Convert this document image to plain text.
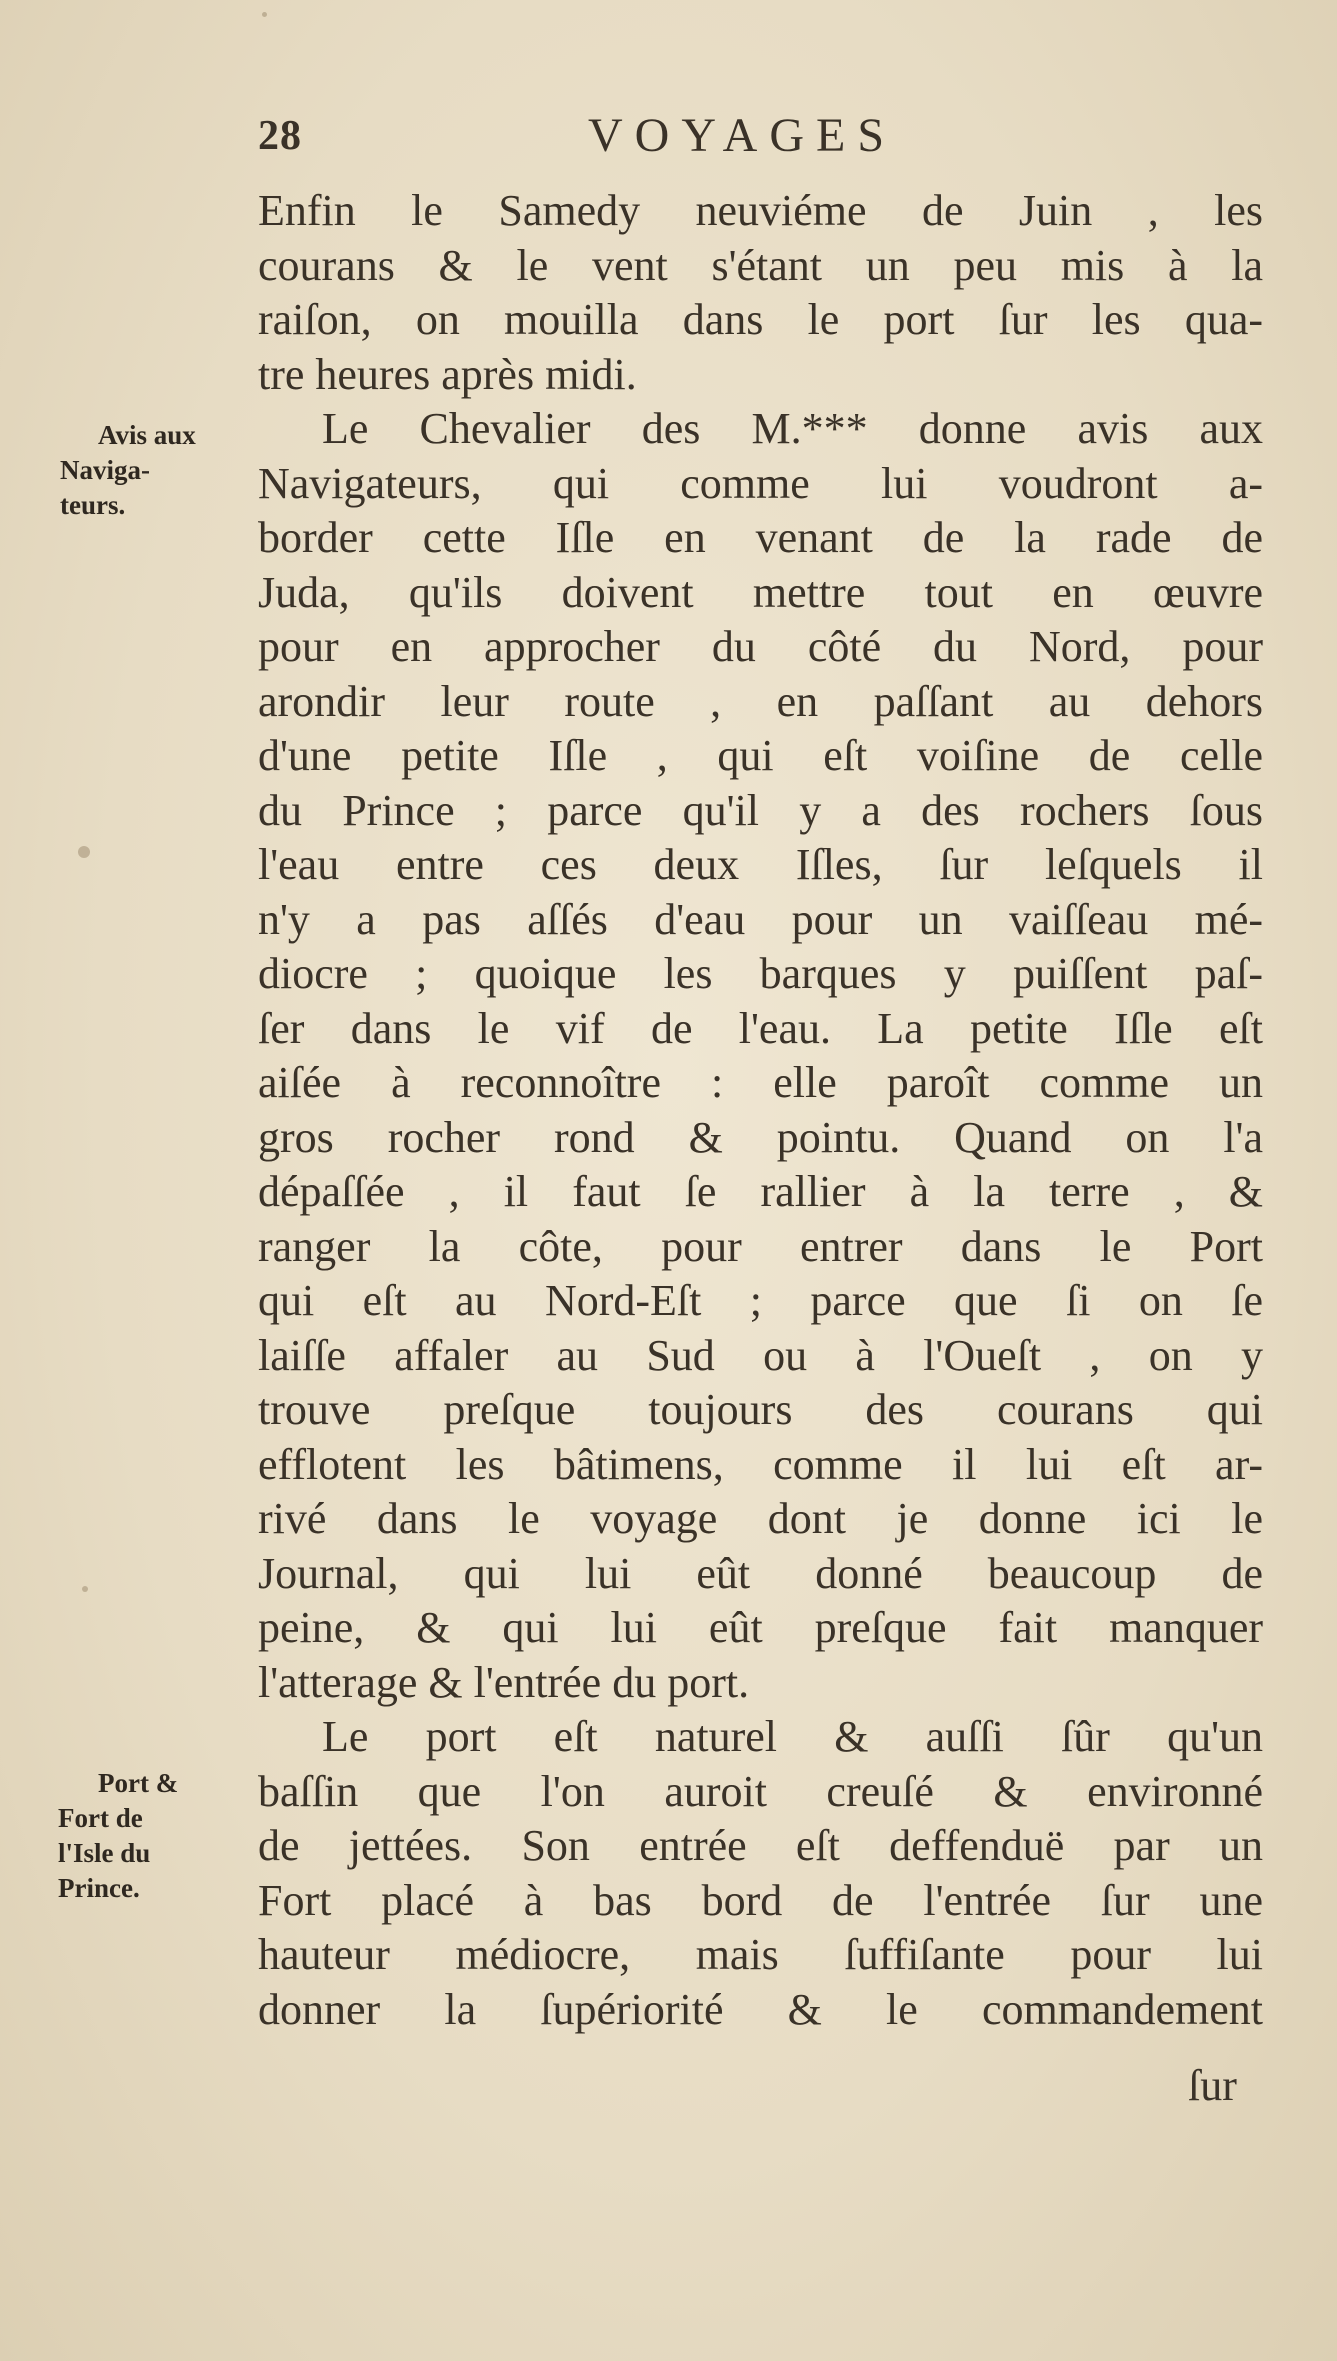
28	VOYAGES
Avis aux
Naviga-
teurs.
Port &
Fort de
l'Isle du
Prince.
Enfin le Samedy neuviéme de Juin , les
courans & le vent s'étant un peu mis à la
raiſon, on mouilla dans le port ſur les qua-
tre heures après midi.
Le Chevalier des M.*** donne avis aux
Navigateurs, qui comme lui voudront a-
border cette Iſle en venant de la rade de
Juda, qu'ils doivent mettre tout en œuvre
pour en approcher du côté du Nord, pour
arondir leur route , en paſſant au dehors
d'une petite Iſle , qui eſt voiſine de celle
du Prince ; parce qu'il y a des rochers ſous
l'eau entre ces deux Iſles, ſur leſquels il
n'y a pas aſſés d'eau pour un vaiſſeau mé-
diocre ; quoique les barques y puiſſent paſ-
ſer dans le vif de l'eau. La petite Iſle eſt
aiſée à reconnoître : elle paroît comme un
gros rocher rond & pointu. Quand on l'a
dépaſſée , il faut ſe rallier à la terre , &
ranger la côte, pour entrer dans le Port
qui eſt au Nord-Eſt ; parce que ſi on ſe
laiſſe affaler au Sud ou à l'Oueſt , on y
trouve preſque toujours des courans qui
efflotent les bâtimens, comme il lui eſt ar-
rivé dans le voyage dont je donne ici le
Journal, qui lui eût donné beaucoup de
peine, & qui lui eût preſque fait manquer
l'atterage & l'entrée du port.
Le port eſt naturel & auſſi ſûr qu'un
baſſin que l'on auroit creuſé & environné
de jettées. Son entrée eſt deffenduë par un
Fort placé à bas bord de l'entrée ſur une
hauteur médiocre, mais ſuffiſante pour lui
donner la ſupériorité & le commandement
ſur
